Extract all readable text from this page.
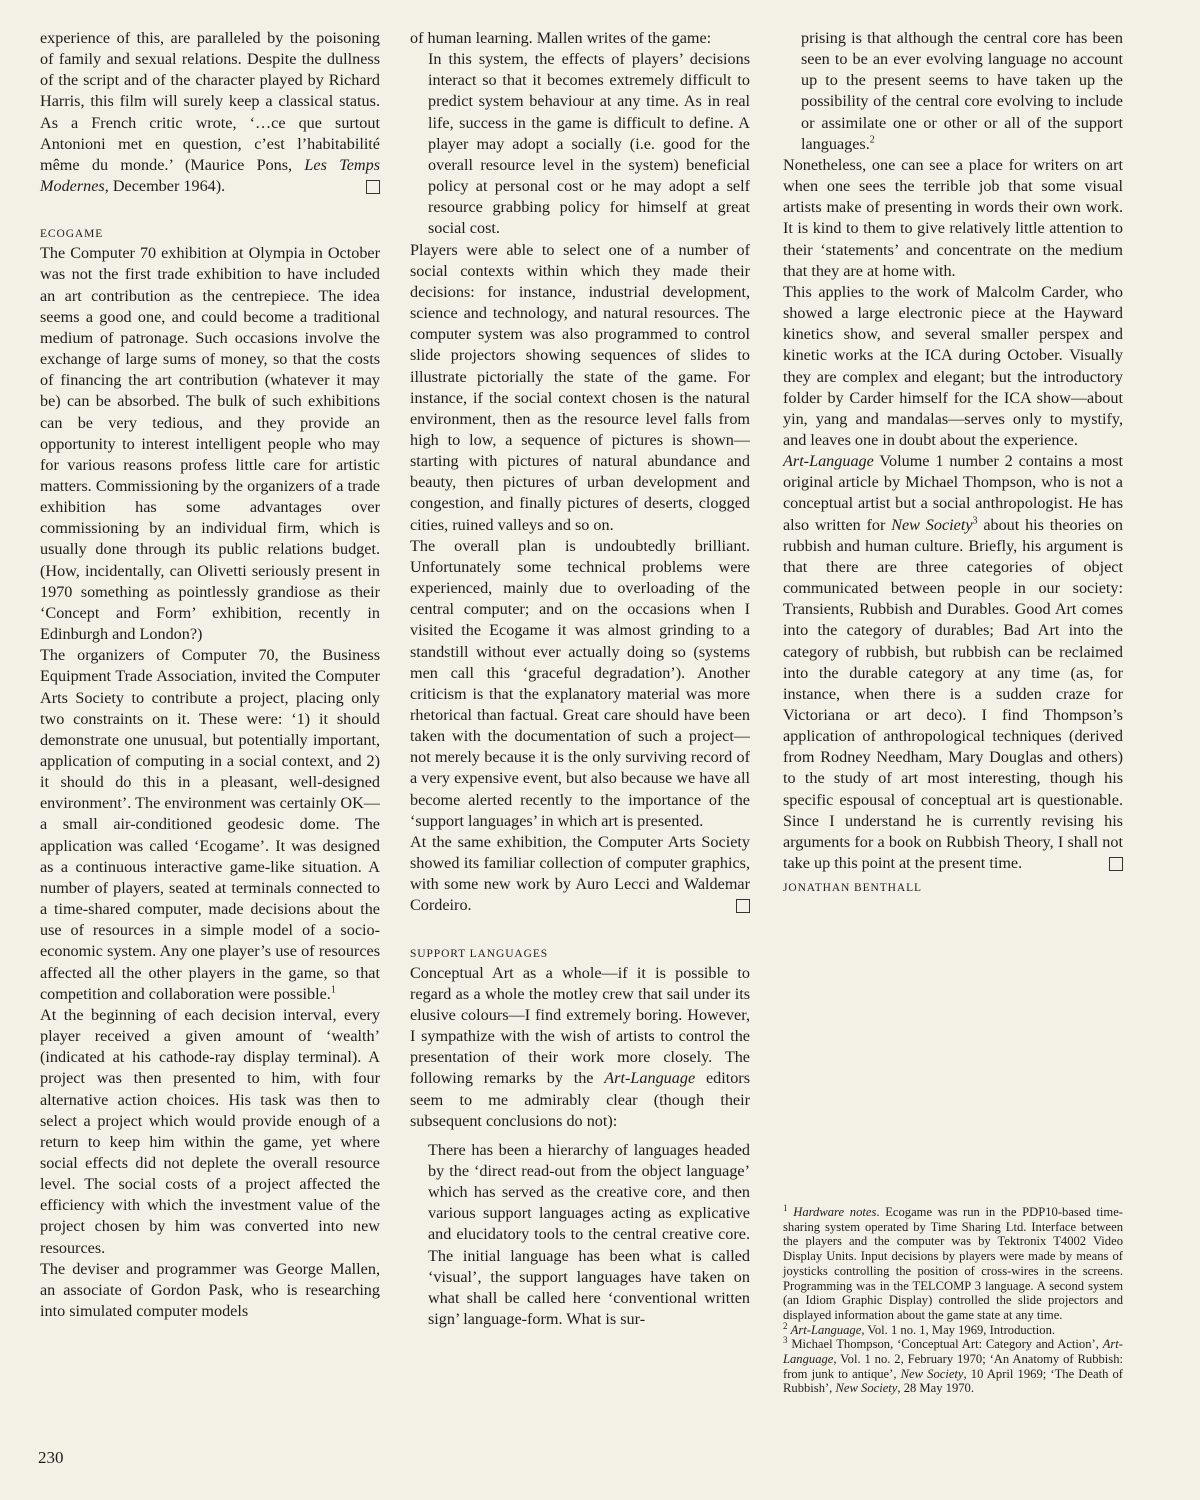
experience of this, are paralleled by the poisoning of family and sexual relations. Despite the dullness of the script and of the character played by Richard Harris, this film will surely keep a classical status. As a French critic wrote, ‘…ce que surtout Antonioni met en question, c’est l’habitabilité même du monde.’ (Maurice Pons, Les Temps Modernes, December 1964).

ECOGAME

The Computer 70 exhibition at Olympia in October was not the first trade exhibition to have included an art contribution as the centrepiece. The idea seems a good one, and could become a traditional medium of patronage. Such occasions involve the exchange of large sums of money, so that the costs of financing the art contribution (whatever it may be) can be absorbed. The bulk of such exhibitions can be very tedious, and they provide an opportunity to interest intelligent people who may for various reasons profess little care for artistic matters. Commissioning by the organizers of a trade exhibition has some advantages over commissioning by an individual firm, which is usually done through its public relations budget. (How, incidentally, can Olivetti seriously present in 1970 something as pointlessly grandiose as their ‘Concept and Form’ exhibition, recently in Edinburgh and London?)

The organizers of Computer 70, the Business Equipment Trade Association, invited the Computer Arts Society to contribute a project, placing only two constraints on it. These were: ‘1) it should demonstrate one unusual, but potentially important, application of computing in a social context, and 2) it should do this in a pleasant, well-designed environment’. The environment was certainly OK—a small air-conditioned geodesic dome. The application was called ‘Ecogame’. It was designed as a continuous interactive game-like situation. A number of players, seated at terminals connected to a time-shared computer, made decisions about the use of resources in a simple model of a socio-economic system. Any one player’s use of resources affected all the other players in the game, so that competition and collaboration were possible.$^1$

At the beginning of each decision interval, every player received a given amount of ‘wealth’ (indicated at his cathode-ray display terminal). A project was then presented to him, with four alternative action choices. His task was then to select a project which would provide enough of a return to keep him within the game, yet where social effects did not deplete the overall resource level. The social costs of a project affected the efficiency with which the investment value of the project chosen by him was converted into new resources.

The deviser and programmer was George Mallen, an associate of Gordon Pask, who is researching into simulated computer models

of human learning. Mallen writes of the game:

In this system, the effects of players’ decisions interact so that it becomes extremely difficult to predict system behaviour at any time. As in real life, success in the game is difficult to define. A player may adopt a socially (i.e. good for the overall resource level in the system) beneficial policy at personal cost or he may adopt a self resource grabbing policy for himself at great social cost.

Players were able to select one of a number of social contexts within which they made their decisions: for instance, industrial development, science and technology, and natural resources. The computer system was also programmed to control slide projectors showing sequences of slides to illustrate pictorially the state of the game. For instance, if the social context chosen is the natural environment, then as the resource level falls from high to low, a sequence of pictures is shown—starting with pictures of natural abundance and beauty, then pictures of urban development and congestion, and finally pictures of deserts, clogged cities, ruined valleys and so on.

The overall plan is undoubtedly brilliant. Unfortunately some technical problems were experienced, mainly due to overloading of the central computer; and on the occasions when I visited the Ecogame it was almost grinding to a standstill without ever actually doing so (systems men call this ‘graceful degradation’). Another criticism is that the explanatory material was more rhetorical than factual. Great care should have been taken with the documentation of such a project—not merely because it is the only surviving record of a very expensive event, but also because we have all become alerted recently to the importance of the ‘support languages’ in which art is presented.

At the same exhibition, the Computer Arts Society showed its familiar collection of computer graphics, with some new work by Auro Lecci and Waldemar Cordeiro.

SUPPORT LANGUAGES

Conceptual Art as a whole—if it is possible to regard as a whole the motley crew that sail under its elusive colours—I find extremely boring. However, I sympathize with the wish of artists to control the presentation of their work more closely. The following remarks by the Art-Language editors seem to me admirably clear (though their subsequent conclusions do not):

There has been a hierarchy of languages headed by the ‘direct read-out from the object language’ which has served as the creative core, and then various support languages acting as explicative and elucidatory tools to the central creative core. The initial language has been what is called ‘visual’, the support languages have taken on what shall be called here ‘conventional written sign’ language-form. What is sur-

prising is that although the central core has been seen to be an ever evolving language no account up to the present seems to have taken up the possibility of the central core evolving to include or assimilate one or other or all of the support languages.$^2$

Nonetheless, one can see a place for writers on art when one sees the terrible job that some visual artists make of presenting in words their own work. It is kind to them to give relatively little attention to their ‘statements’ and concentrate on the medium that they are at home with.

This applies to the work of Malcolm Carder, who showed a large electronic piece at the Hayward kinetics show, and several smaller perspex and kinetic works at the ICA during October. Visually they are complex and elegant; but the introductory folder by Carder himself for the ICA show—about yin, yang and mandalas—serves only to mystify, and leaves one in doubt about the experience.

Art-Language Volume 1 number 2 contains a most original article by Michael Thompson, who is not a conceptual artist but a social anthropologist. He has also written for New Society$^3$ about his theories on rubbish and human culture. Briefly, his argument is that there are three categories of object communicated between people in our society: Transients, Rubbish and Durables. Good Art comes into the category of durables; Bad Art into the category of rubbish, but rubbish can be reclaimed into the durable category at any time (as, for instance, when there is a sudden craze for Victoriana or art deco). I find Thompson’s application of anthropological techniques (derived from Rodney Needham, Mary Douglas and others) to the study of art most interesting, though his specific espousal of conceptual art is questionable. Since I understand he is currently revising his arguments for a book on Rubbish Theory, I shall not take up this point at the present time.

JONATHAN BENTHALL

$^1$ Hardware notes. Ecogame was run in the PDP10-based time-sharing system operated by Time Sharing Ltd. Interface between the players and the computer was by Tektronix T4002 Video Display Units. Input decisions by players were made by means of joysticks controlling the position of cross-wires in the screens. Programming was in the TELCOMP 3 language. A second system (an Idiom Graphic Display) controlled the slide projectors and displayed information about the game state at any time.

$^2$ Art-Language, Vol. 1 no. 1, May 1969, Introduction.

$^3$ Michael Thompson, ‘Conceptual Art: Category and Action’, Art-Language, Vol. 1 no. 2, February 1970; ‘An Anatomy of Rubbish: from junk to antique’, New Society, 10 April 1969; ‘The Death of Rubbish’, New Society, 28 May 1970.

230
